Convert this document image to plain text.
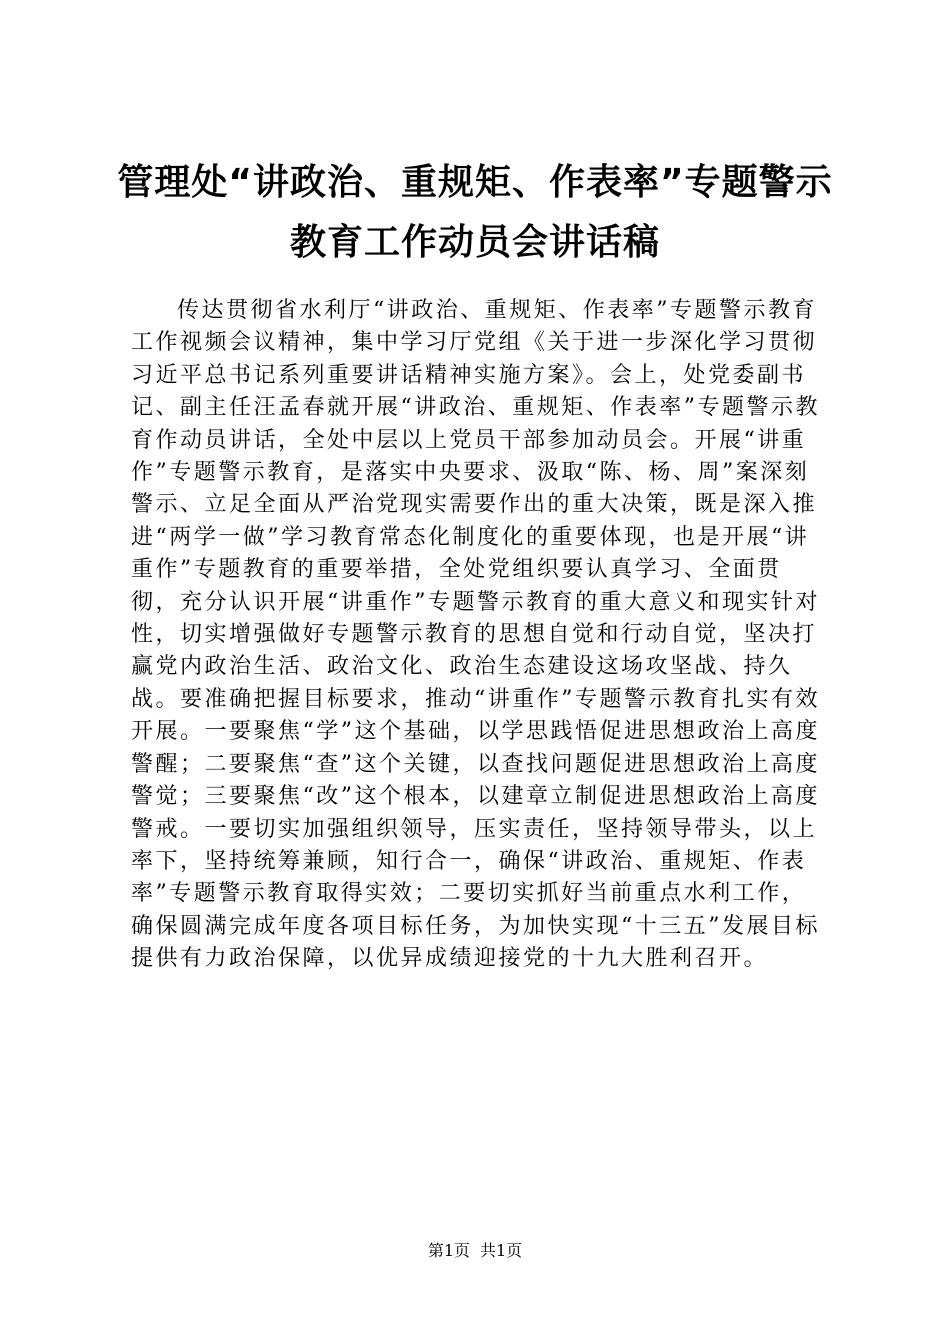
管理处“讲政治、重规矩、作表率”专题警示
教育工作动员会讲话稿

传达贯彻省水利厅“讲政治、重规矩、作表率”专题警示教育工作视频会议精神，集中学习厅党组《关于进一步深化学习贯彻习近平总书记系列重要讲话精神实施方案》。会上，处党委副书记、副主任汪孟春就开展“讲政治、重规矩、作表率”专题警示教育作动员讲话，全处中层以上党员干部参加动员会。开展“讲重作”专题警示教育，是落实中央要求、汲取“陈、杨、周”案深刻警示、立足全面从严治党现实需要作出的重大决策，既是深入推进“两学一做”学习教育常态化制度化的重要体现，也是开展“讲重作”专题教育的重要举措，全处党组织要认真学习、全面贯彻，充分认识开展“讲重作”专题警示教育的重大意义和现实针对性，切实增强做好专题警示教育的思想自觉和行动自觉，坚决打赢党内政治生活、政治文化、政治生态建设这场攻坚战、持久战。要准确把握目标要求，推动“讲重作”专题警示教育扎实有效开展。一要聚焦“学”这个基础，以学思践悟促进思想政治上高度警醒；二要聚焦“查”这个关键，以查找问题促进思想政治上高度警觉；三要聚焦“改”这个根本，以建章立制促进思想政治上高度警戒。一要切实加强组织领导，压实责任，坚持领导带头，以上率下，坚持统筹兼顾，知行合一，确保“讲政治、重规矩、作表率”专题警示教育取得实效；二要切实抓好当前重点水利工作，确保圆满完成年度各项目标任务，为加快实现“十三五”发展目标提供有力政治保障，以优异成绩迎接党的十九大胜利召开。

第1页 共1页
